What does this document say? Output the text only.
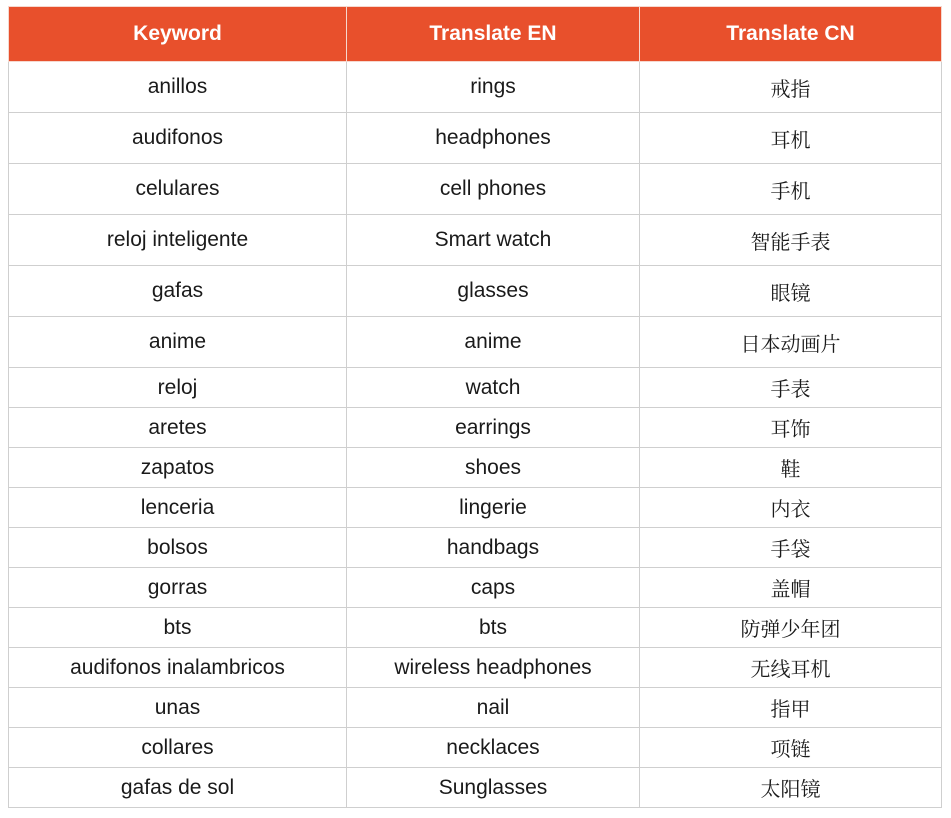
Keyword	Translate EN	Translate CN
anillos	rings	戒指
audifonos	headphones	耳机
celulares	cell phones	手机
reloj inteligente	Smart watch	智能手表
gafas	glasses	眼镜
anime	anime	日本动画片
reloj	watch	手表
aretes	earrings	耳饰
zapatos	shoes	鞋
lenceria	lingerie	内衣
bolsos	handbags	手袋
gorras	caps	盖帽
bts	bts	防弹少年团
audifonos inalambricos	wireless headphones	无线耳机
unas	nail	指甲
collares	necklaces	项链
gafas de sol	Sunglasses	太阳镜
